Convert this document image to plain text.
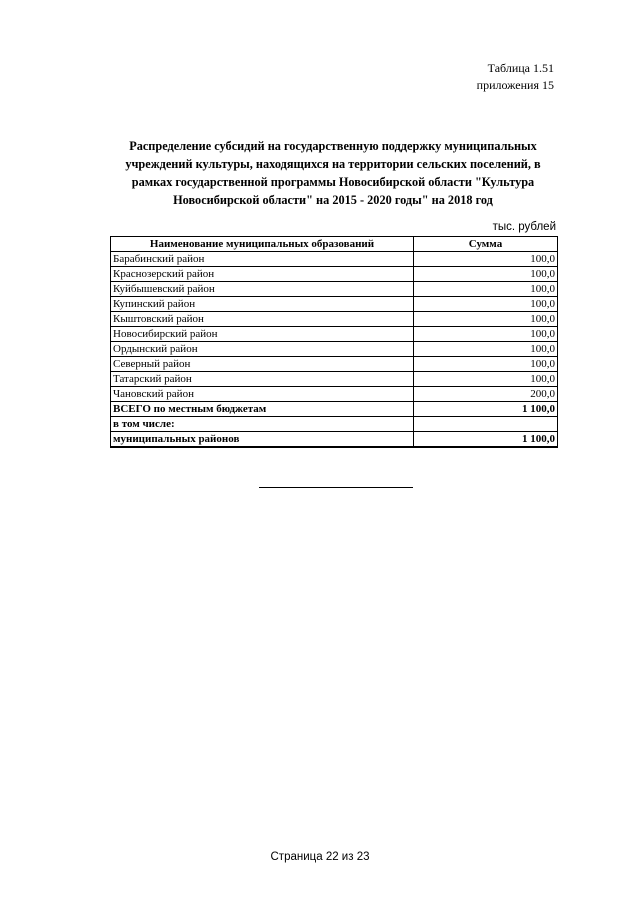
Таблица 1.51
приложения 15
Распределение субсидий на государственную поддержку муниципальных
учреждений культуры, находящихся на территории сельских поселений, в
рамках государственной программы Новосибирской области "Культура
Новосибирской области" на 2015 - 2020 годы" на 2018 год
тыс. рублей
Наименование муниципальных образований	Сумма
Барабинский район	100,0
Краснозерский район	100,0
Куйбышевский район	100,0
Купинский район	100,0
Кыштовский район	100,0
Новосибирский район	100,0
Ордынский район	100,0
Северный район	100,0
Татарский район	100,0
Чановский район	200,0
ВСЕГО по местным бюджетам	1 100,0
в том числе:	
муниципальных районов	1 100,0
Страница 22 из 23
